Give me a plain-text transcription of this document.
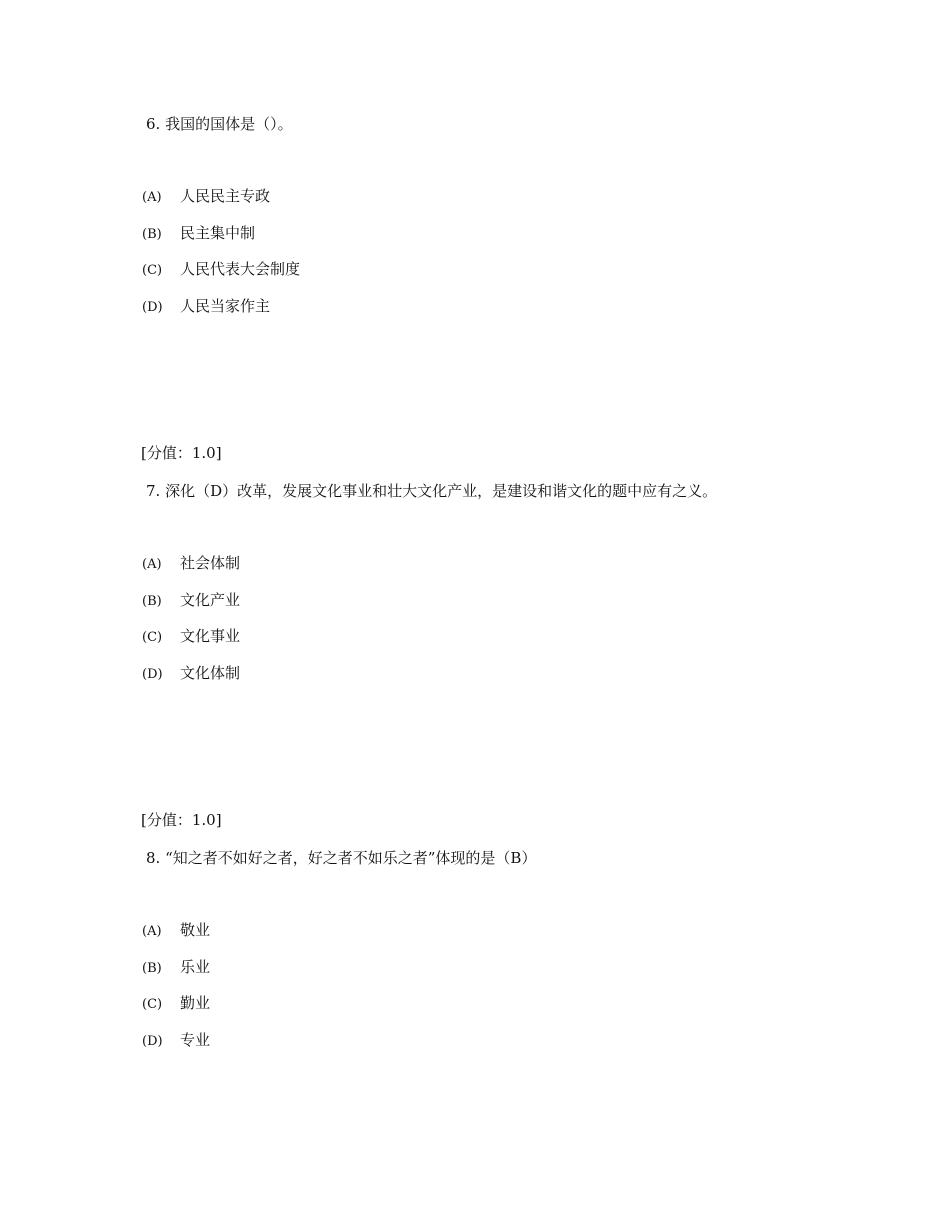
6. 我国的国体是（）。
(A) 人民民主专政
(B) 民主集中制
(C) 人民代表大会制度
(D) 人民当家作主
[分值：1.0]
7. 深化（D）改革，发展文化事业和壮大文化产业，是建设和谐文化的题中应有之义。
(A) 社会体制
(B) 文化产业
(C) 文化事业
(D) 文化体制
[分值：1.0]
8. “知之者不如好之者，好之者不如乐之者”体现的是（B）
(A) 敬业
(B) 乐业
(C) 勤业
(D) 专业
